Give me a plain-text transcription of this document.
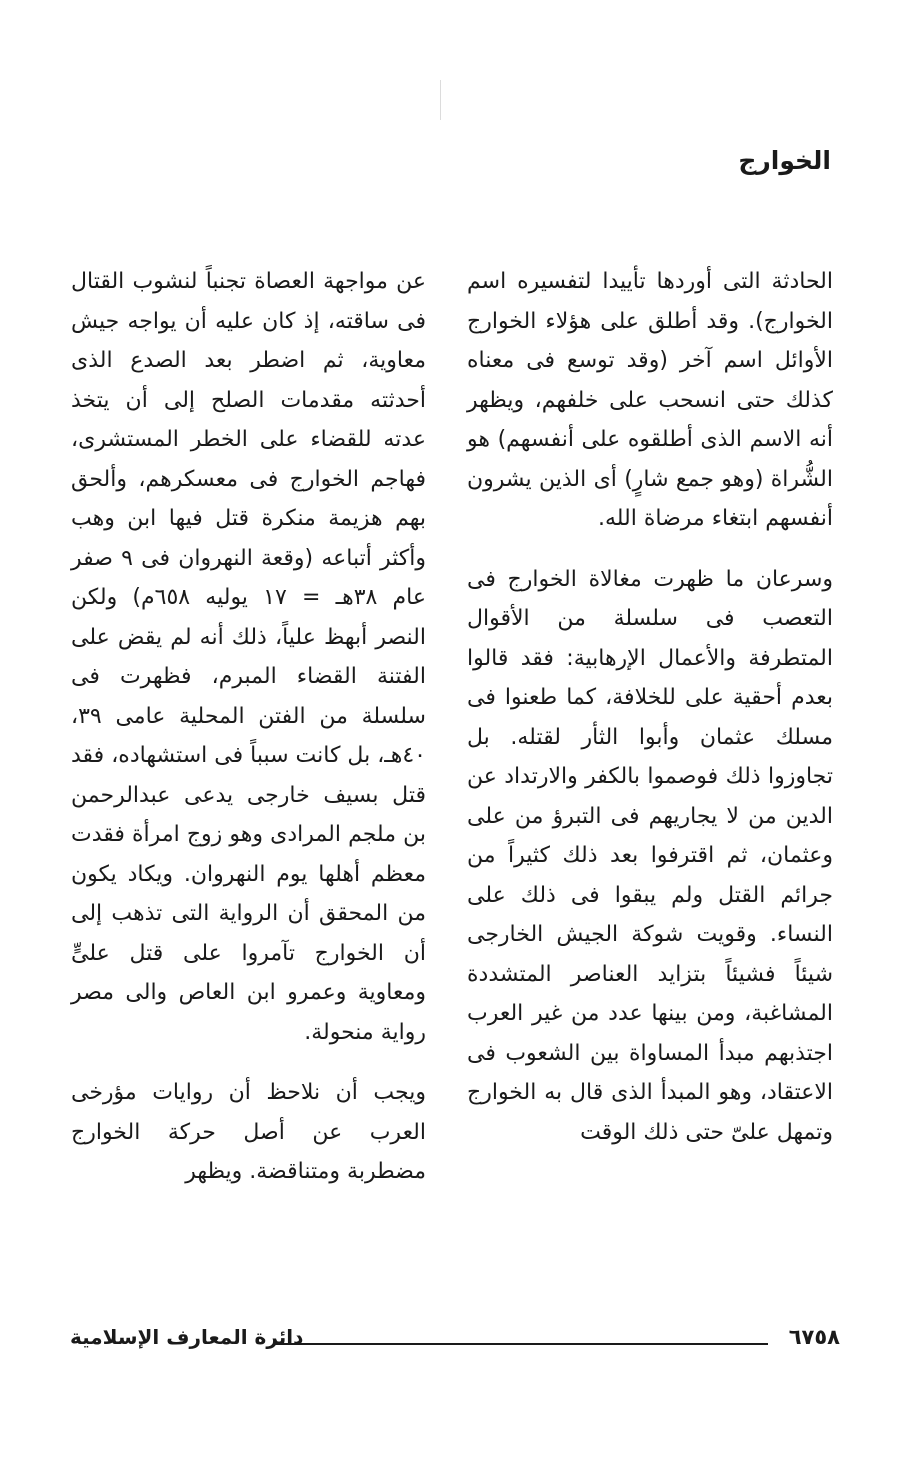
الخوارج

الحادثة التى أوردها تأييدا لتفسيره اسم الخوارج). وقد أطلق على هؤلاء الخوارج الأوائل اسم آخر (وقد توسع فى معناه كذلك حتى انسحب على خلفهم، ويظهر أنه الاسم الذى أطلقوه على أنفسهم) هو الشُّراة (وهو جمع شارٍ) أى الذين يشرون أنفسهم ابتغاء مرضاة الله.

وسرعان ما ظهرت مغالاة الخوارج فى التعصب فى سلسلة من الأقوال المتطرفة والأعمال الإرهابية: فقد قالوا بعدم أحقية على للخلافة، كما طعنوا فى مسلك عثمان وأبوا الثأر لقتله. بل تجاوزوا ذلك فوصموا بالكفر والارتداد عن الدين من لا يجاريهم فى التبرؤ من على وعثمان، ثم اقترفوا بعد ذلك كثيراً من جرائم القتل ولم يبقوا فى ذلك على النساء. وقويت شوكة الجيش الخارجى شيئاً فشيئاً بتزايد العناصر المتشددة المشاغبة، ومن بينها عدد من غير العرب اجتذبهم مبدأ المساواة بين الشعوب فى الاعتقاد، وهو المبدأ الذى قال به الخوارج وتمهل علىّ حتى ذلك الوقت

عن مواجهة العصاة تجنباً لنشوب القتال فى ساقته، إذ كان عليه أن يواجه جيش معاوية، ثم اضطر بعد الصدع الذى أحدثته مقدمات الصلح إلى أن يتخذ عدته للقضاء على الخطر المستشرى، فهاجم الخوارج فى معسكرهم، وألحق بهم هزيمة منكرة قتل فيها ابن وهب وأكثر أتباعه (وقعة النهروان فى ٩ صفر عام ٣٨هـ = ١٧ يوليه ٦٥٨م) ولكن النصر أبهظ علياً، ذلك أنه لم يقض على الفتنة القضاء المبرم، فظهرت فى سلسلة من الفتن المحلية عامى ٣٩، ٤٠هـ، بل كانت سبباً فى استشهاده، فقد قتل بسيف خارجى يدعى عبدالرحمن بن ملجم المرادى وهو زوج امرأة فقدت معظم أهلها يوم النهروان. ويكاد يكون من المحقق أن الرواية التى تذهب إلى أن الخوارج تآمروا على قتل علىٍّ ومعاوية وعمرو ابن العاص والى مصر رواية منحولة.

ويجب أن نلاحظ أن روايات مؤرخى العرب عن أصل حركة الخوارج مضطربة ومتناقضة. ويظهر

٦٧٥٨
دائرة المعارف الإسلامية
